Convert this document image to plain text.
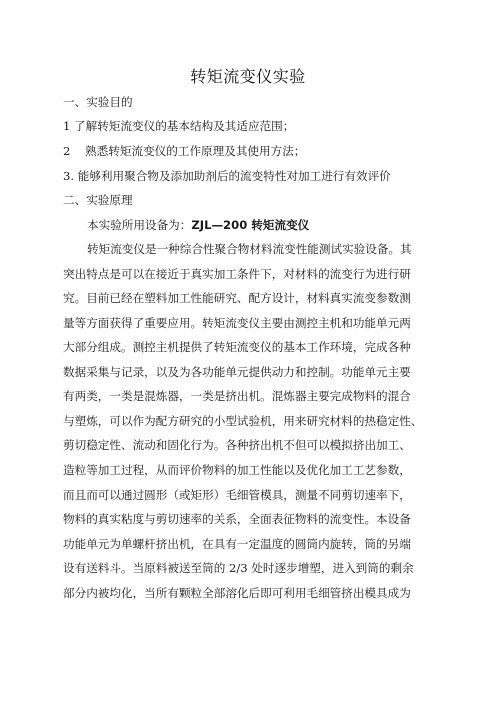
转矩流变仪实验
一、实验目的
1 了解转矩流变仪的基本结构及其适应范围；
2    熟悉转矩流变仪的工作原理及其使用方法；
3. 能够利用聚合物及添加助剂后的流变特性对加工进行有效评价
二、实验原理
本实验所用设备为：ZJL—200 转矩流变仪
转矩流变仪是一种综合性聚合物材料流变性能测试实验设备。其
突出特点是可以在接近于真实加工条件下，对材料的流变行为进行研
究。目前已经在塑料加工性能研究、配方设计，材料真实流变参数测
量等方面获得了重要应用。转矩流变仪主要由测控主机和功能单元两
大部分组成。测控主机提供了转矩流变仪的基本工作环境，完成各种
数据采集与记录，以及为各功能单元提供动力和控制。功能单元主要
有两类，一类是混炼器，一类是挤出机。混炼器主要完成物料的混合
与塑炼，可以作为配方研究的小型试验机，用来研究材料的热稳定性、
剪切稳定性、流动和固化行为。各种挤出机不但可以模拟挤出加工、
造粒等加工过程，从而评价物料的加工性能以及优化加工工艺参数，
而且而可以通过圆形（或矩形）毛细管模具，测量不同剪切速率下，
物料的真实粘度与剪切速率的关系，全面表征物料的流变性。本设备
功能单元为单螺杆挤出机，在具有一定温度的圆筒内旋转，筒的另端
设有送料斗。当原料被送至筒的 2/3 处时逐步增塑，进入到筒的剩余
部分内被均化，当所有颗粒全部溶化后即可利用毛细管挤出模具成为
